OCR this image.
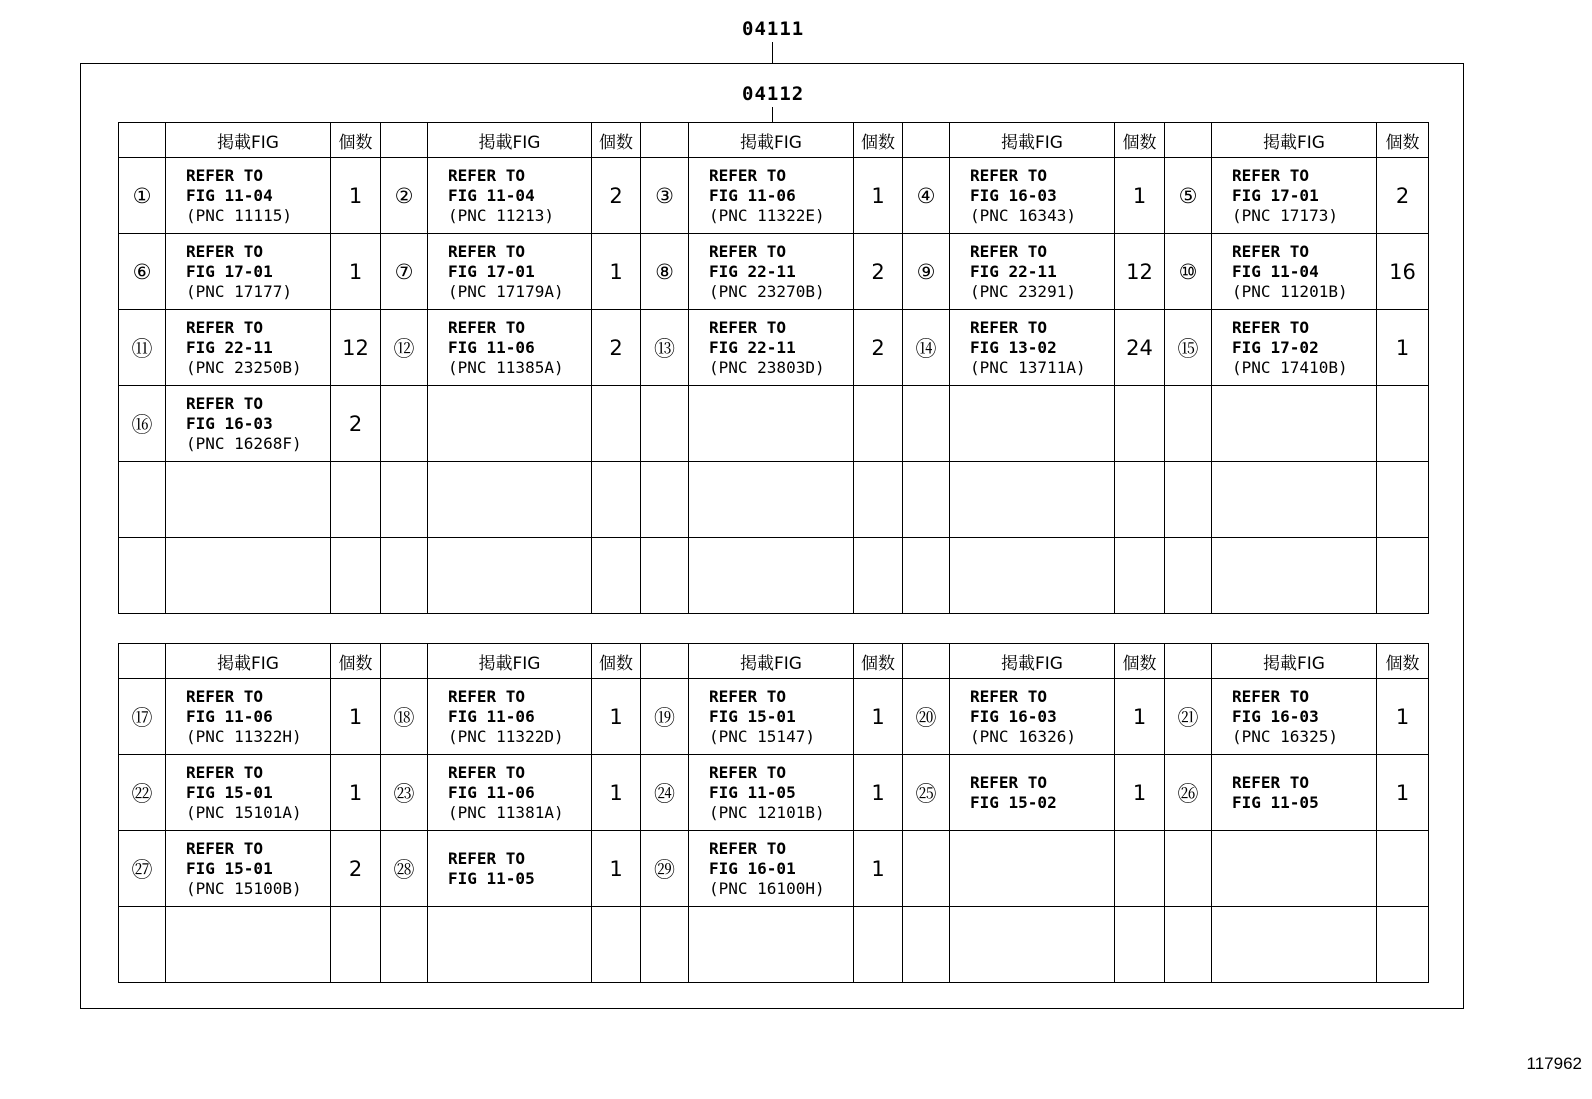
04111
04112
	掲載FIG	個数		掲載FIG	個数		掲載FIG	個数		掲載FIG	個数		掲載FIG	個数
①	REFER TO
FIG 11-04
(PNC 11115)	1	②	REFER TO
FIG 11-04
(PNC 11213)	2	③	REFER TO
FIG 11-06
(PNC 11322E)	1	④	REFER TO
FIG 16-03
(PNC 16343)	1	⑤	REFER TO
FIG 17-01
(PNC 17173)	2
⑥	REFER TO
FIG 17-01
(PNC 17177)	1	⑦	REFER TO
FIG 17-01
(PNC 17179A)	1	⑧	REFER TO
FIG 22-11
(PNC 23270B)	2	⑨	REFER TO
FIG 22-11
(PNC 23291)	12	⑩	REFER TO
FIG 11-04
(PNC 11201B)	16
⑪	REFER TO
FIG 22-11
(PNC 23250B)	12	⑫	REFER TO
FIG 11-06
(PNC 11385A)	2	⑬	REFER TO
FIG 22-11
(PNC 23803D)	2	⑭	REFER TO
FIG 13-02
(PNC 13711A)	24	⑮	REFER TO
FIG 17-02
(PNC 17410B)	1
⑯	REFER TO
FIG 16-03
(PNC 16268F)	2												

	掲載FIG	個数		掲載FIG	個数		掲載FIG	個数		掲載FIG	個数		掲載FIG	個数
⑰	REFER TO
FIG 11-06
(PNC 11322H)	1	⑱	REFER TO
FIG 11-06
(PNC 11322D)	1	⑲	REFER TO
FIG 15-01
(PNC 15147)	1	⑳	REFER TO
FIG 16-03
(PNC 16326)	1	㉑	REFER TO
FIG 16-03
(PNC 16325)	1
㉒	REFER TO
FIG 15-01
(PNC 15101A)	1	㉓	REFER TO
FIG 11-06
(PNC 11381A)	1	㉔	REFER TO
FIG 11-05
(PNC 12101B)	1	㉕	REFER TO
FIG 15-02	1	㉖	REFER TO
FIG 11-05	1
㉗	REFER TO
FIG 15-01
(PNC 15100B)	2	㉘	REFER TO
FIG 11-05	1	㉙	REFER TO
FIG 16-01
(PNC 16100H)	1						

117962
